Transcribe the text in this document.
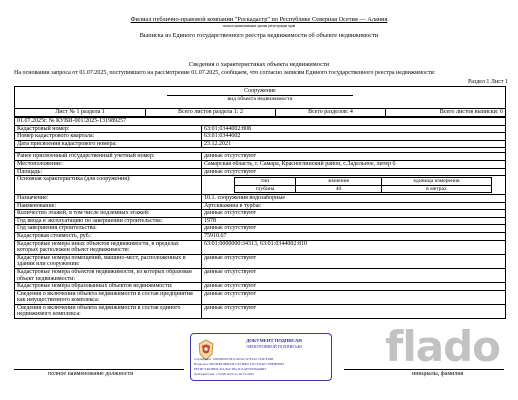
Филиал публично-правовой компании "Роскадастр" по Республике Северная Осетия — Алания
полное наименование органа регистрации прав
Выписка из Единого государственного реестра недвижимости об объекте недвижимости
Сведения о характеристиках объекта недвижимости
На основании запроса от 01.07.2025, поступившего на рассмотрение 01.07.2025, сообщаем, что согласно записям Единого государственного реестра недвижимости:
Раздел 1 Лист 1
Сооружение
вид объекта недвижимости
Лист № 1 раздела 1	Всего листов раздела 1: 2	Всего разделов: 4	Всего листов выписки: 6
01.07.2025г. № КУВИ-001/2025-131989257
Кадастровый номер:	63:01:0344002:808
Номер кадастрового квартала:	63:01:0344002
Дата присвоения кадастрового номера:	23.12.2021
Ранее присвоенный государственный учетный номер:	данные отсутствуют
Местоположение:	Самарская область, г. Самара, Красноглинский район, с.Задельное, литер 6
Площадь:	данные отсутствуют
Основная характеристика (для сооружения):	тип	значение	единица измерения
глубина	40	в метрах
Назначение:	10.1. сооружения водозаборные
Наименование:	Артскважина в турбаг.
Количество этажей, в том числе подземных этажей:	данные отсутствуют
Год ввода в эксплуатацию по завершении строительства:	1978
Год завершения строительства:	данные отсутствуют
Кадастровая стоимость, руб.:	75910.67
Кадастровые номера иных объектов недвижимости, в пределах которых расположен объект недвижимости:
63:01:0000000:34313, 63:01:0344002:810
Кадастровые номера помещений, машино-мест, расположенных в здании или сооружении:
данные отсутствуют
Кадастровые номера объектов недвижимости, из которых образован объект недвижимости:
данные отсутствуют
Кадастровые номера образованных объектов недвижимости:	данные отсутствуют
Сведения о включении объекта недвижимости в состав предприятия как имущественного комплекса:
данные отсутствуют
Сведения о включении объекта недвижимости в состав единого недвижимого комплекса:
данные отсутствуют
полное наименование должности	инициалы, фамилия
ДОКУМЕНТ ПОДПИСАН
ЭЛЕКТРОННОЙ ПОДПИСЬЮ
Сертификат: 00000000C6F11A03A7A7F2A17A6CE49B
Владелец: ФЕДЕРАЛЬНАЯ СЛУЖБА ГОСУДАРСТВЕННОЙ
РЕГИСТРАЦИИ, КАДАСТРА И КАРТОГРАФИИ
Действителен: с 02.08.2024 по 26.10.2025
flado
